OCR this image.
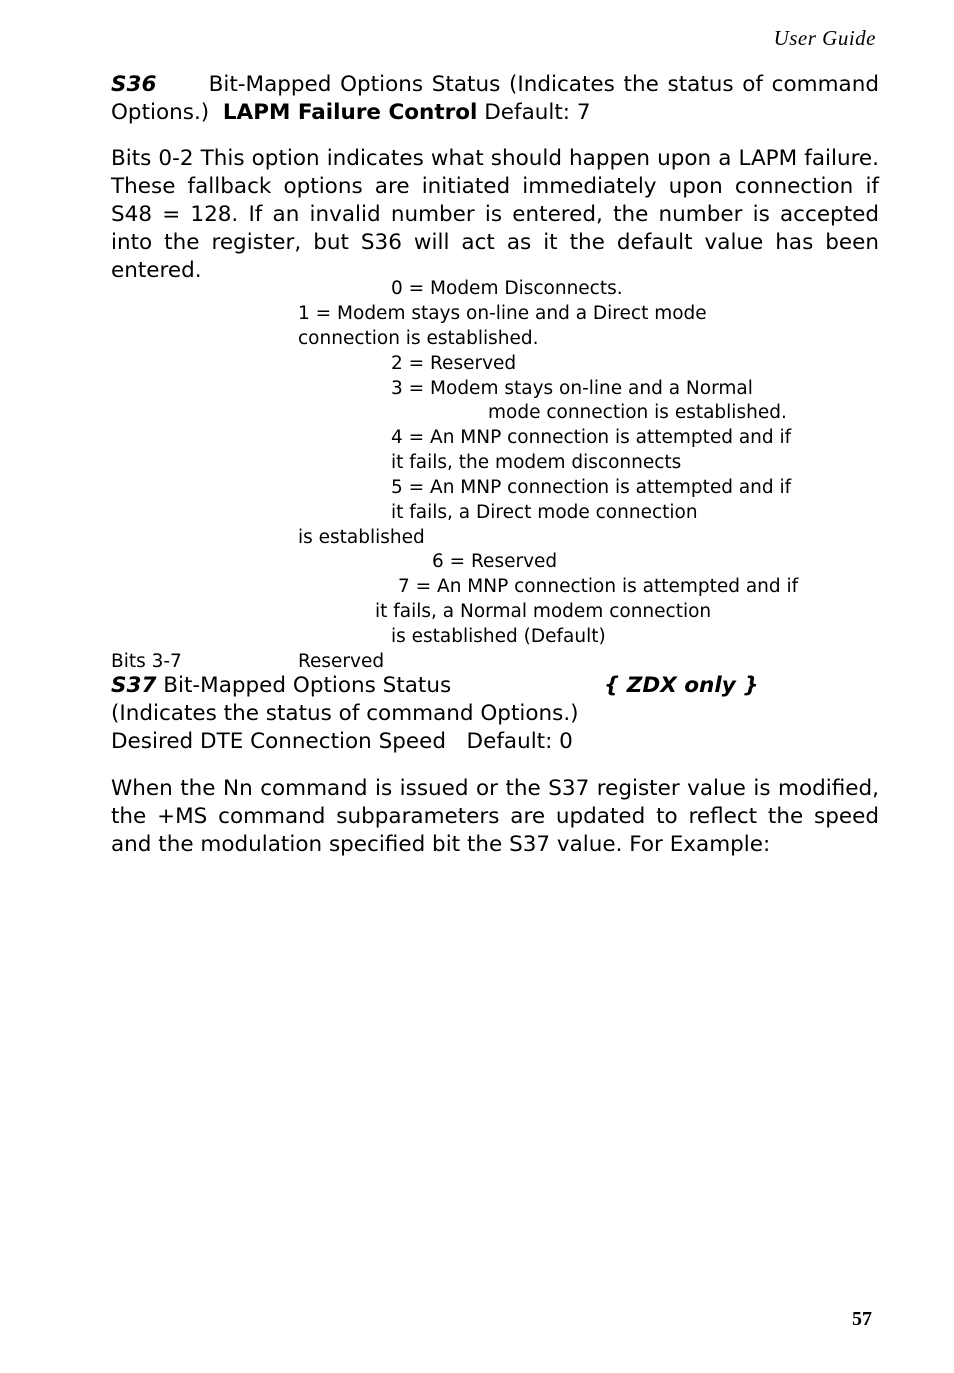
User Guide
S36 Bit-Mapped Options Status (Indicates the status of command Options.) LAPM Failure Control Default: 7
Bits 0-2 This option indicates what should happen upon a LAPM failure. These fallback options are initiated immediately upon connection if S48 = 128. If an invalid number is entered, the number is accepted into the register, but S36 will act as it the default value has been entered.
0 = Modem Disconnects.
1 = Modem stays on-line and a Direct mode
connection is established.
2 = Reserved
3 = Modem stays on-line and a Normal
mode connection is established.
4 = An MNP connection is attempted and if
it fails, the modem disconnects
5 = An MNP connection is attempted and if
it fails, a Direct mode connection
is established
6 = Reserved
7 = An MNP connection is attempted and if
it fails, a Normal modem connection
is established (Default)
Bits 3-7	Reserved
S37 Bit-Mapped Options Status	{ ZDX only }
(Indicates the status of command Options.)
Desired DTE Connection Speed Default: 0
When the Nn command is issued or the S37 register value is modified, the +MS command subparameters are updated to reflect the speed and the modulation specified bit the S37 value. For Example:
57
